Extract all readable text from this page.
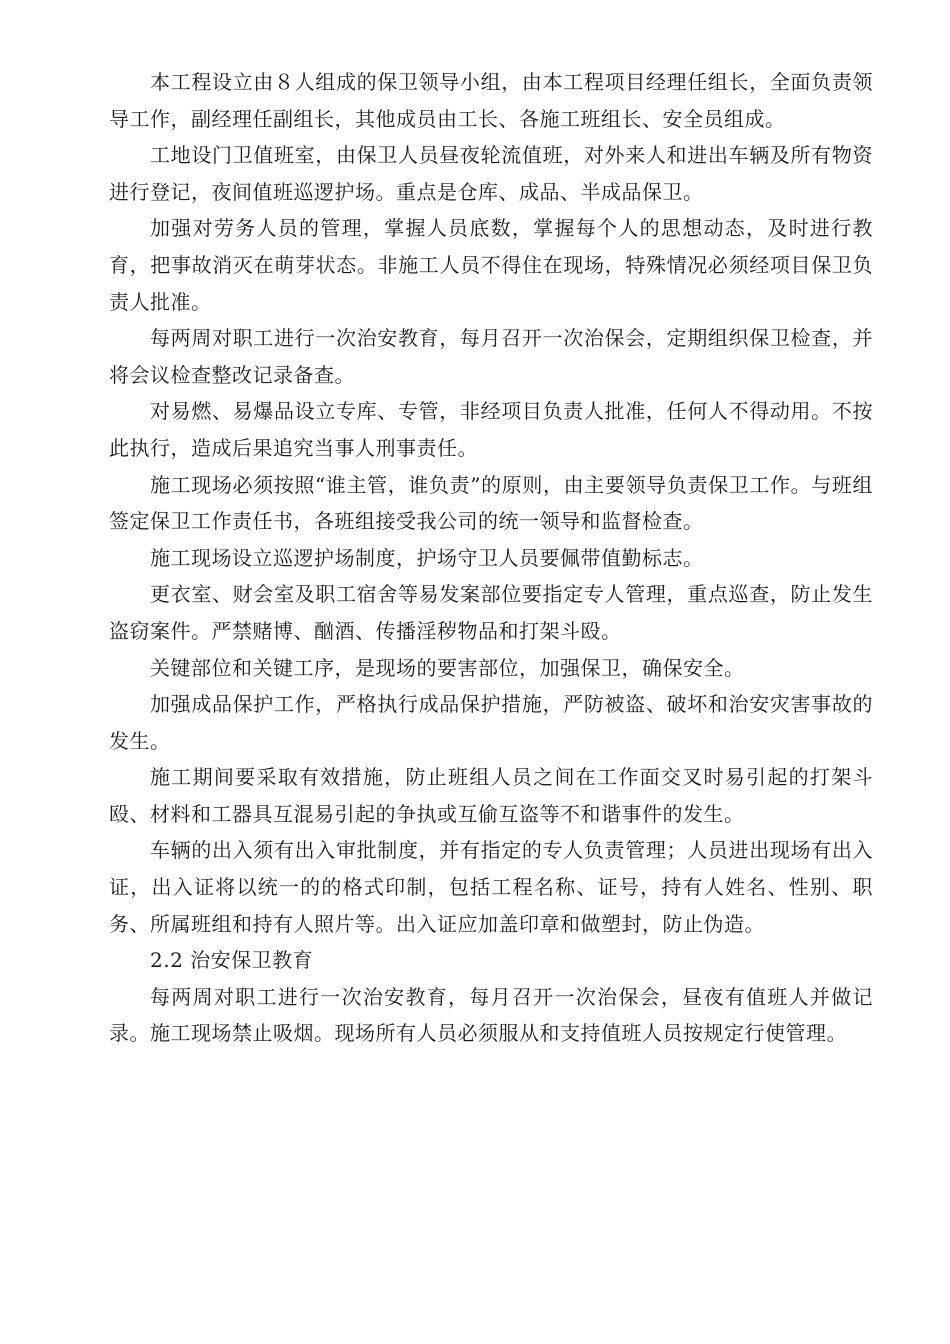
本工程设立由８人组成的保卫领导小组，由本工程项目经理任组长，全面负责领导工作，副经理任副组长，其他成员由工长、各施工班组长、安全员组成。

工地设门卫值班室，由保卫人员昼夜轮流值班，对外来人和进出车辆及所有物资进行登记，夜间值班巡逻护场。重点是仓库、成品、半成品保卫。

加强对劳务人员的管理，掌握人员底数，掌握每个人的思想动态，及时进行教育，把事故消灭在萌芽状态。非施工人员不得住在现场，特殊情况必须经项目保卫负责人批准。

每两周对职工进行一次治安教育，每月召开一次治保会，定期组织保卫检查，并将会议检查整改记录备查。

对易燃、易爆品设立专库、专管，非经项目负责人批准，任何人不得动用。不按此执行，造成后果追究当事人刑事责任。

施工现场必须按照“谁主管，谁负责”的原则，由主要领导负责保卫工作。与班组签定保卫工作责任书，各班组接受我公司的统一领导和监督检查。

施工现场设立巡逻护场制度，护场守卫人员要佩带值勤标志。

更衣室、财会室及职工宿舍等易发案部位要指定专人管理，重点巡查，防止发生盗窃案件。严禁赌博、酗酒、传播淫秽物品和打架斗殴。

关键部位和关键工序，是现场的要害部位，加强保卫，确保安全。

加强成品保护工作，严格执行成品保护措施，严防被盗、破坏和治安灾害事故的发生。

施工期间要采取有效措施，防止班组人员之间在工作面交叉时易引起的打架斗殴、材料和工器具互混易引起的争执或互偷互盗等不和谐事件的发生。

车辆的出入须有出入审批制度，并有指定的专人负责管理；人员进出现场有出入证，出入证将以统一的的格式印制，包括工程名称、证号，持有人姓名、性别、职务、所属班组和持有人照片等。出入证应加盖印章和做塑封，防止伪造。

2.2 治安保卫教育

每两周对职工进行一次治安教育，每月召开一次治保会，昼夜有值班人并做记录。施工现场禁止吸烟。现场所有人员必须服从和支持值班人员按规定行使管理。
